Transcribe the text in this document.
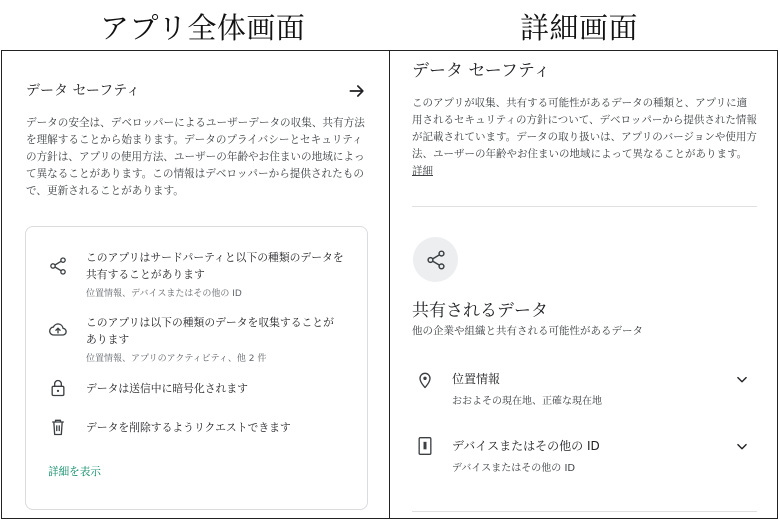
アプリ全体画面	詳細画面
データ セーフティ
データの安全は、デベロッパーによるユーザーデータの収集、共有方法を理解することから始まります。データのプライバシーとセキュリティの方針は、アプリの使用方法、ユーザーの年齢やお住まいの地域によって異なることがあります。この情報はデベロッパーから提供されたもので、更新されることがあります。
このアプリはサードパーティと以下の種類のデータを共有することがあります
位置情報、デバイスまたはその他の ID
このアプリは以下の種類のデータを収集することがあります
位置情報、アプリのアクティビティ、他 2 件
データは送信中に暗号化されます
データを削除するようリクエストできます
詳細を表示
データ セーフティ
このアプリが収集、共有する可能性があるデータの種類と、アプリに適用されるセキュリティの方針について、デベロッパーから提供された情報が記載されています。データの取り扱いは、アプリのバージョンや使用方法、ユーザーの年齢やお住まいの地域によって異なることがあります。 詳細
共有されるデータ
他の企業や組織と共有される可能性があるデータ
位置情報
おおよその現在地、正確な現在地
デバイスまたはその他の ID
デバイスまたはその他の ID
